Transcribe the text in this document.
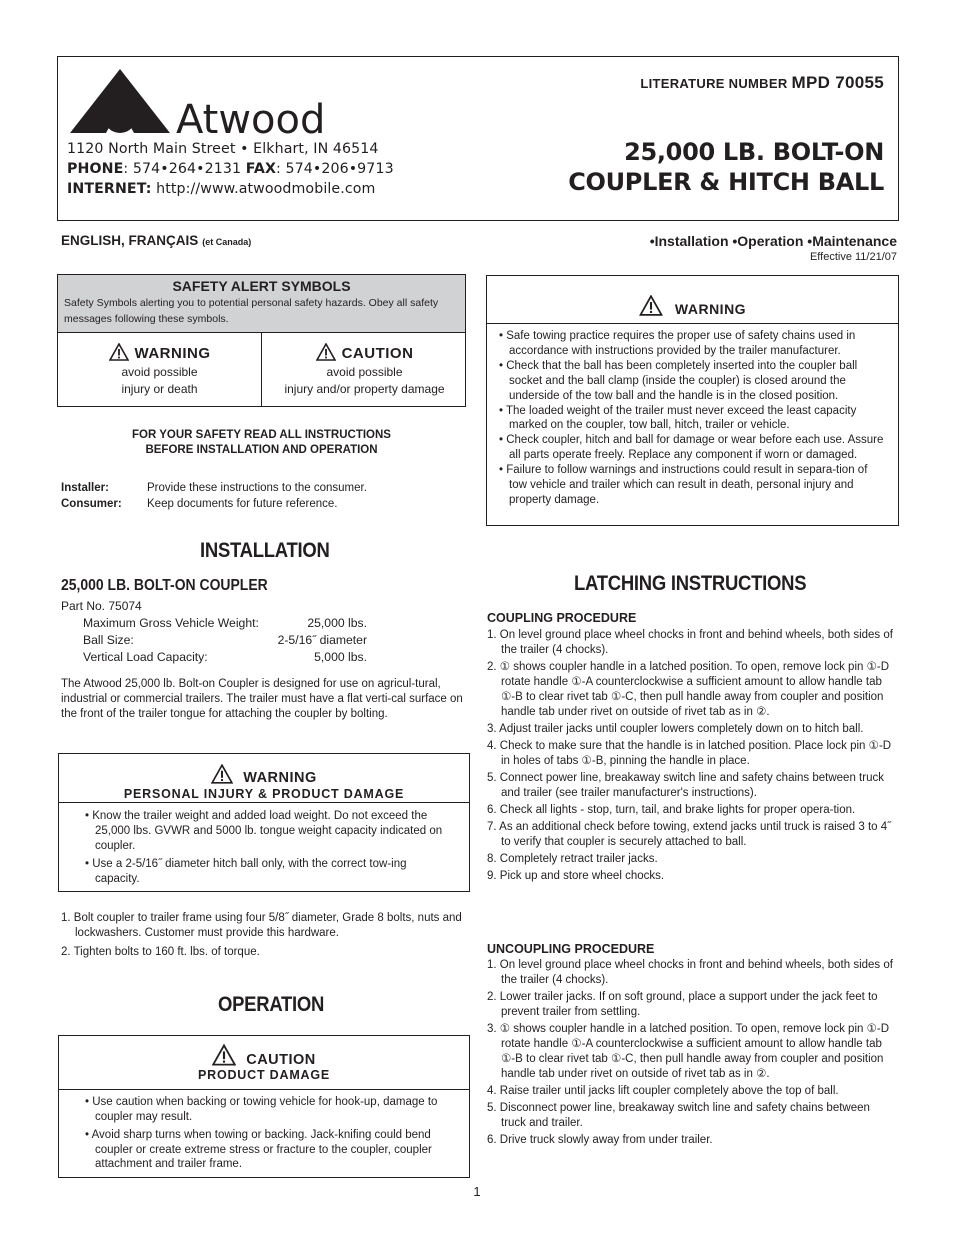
Atwood
1120 North Main Street • Elkhart, IN 46514
PHONE: 574•264•2131 FAX: 574•206•9713
INTERNET: http://www.atwoodmobile.com
LITERATURE NUMBER MPD 70055
25,000 LB. BOLT-ON
COUPLER & HITCH BALL
ENGLISH, FRANÇAIS (et Canada)	•Installation •Operation •Maintenance
Effective 11/21/07
SAFETY ALERT SYMBOLS
Safety Symbols alerting you to potential personal safety hazards. Obey all safety messages following these symbols.
WARNING
avoid possible
injury or death
CAUTION
avoid possible
injury and/or property damage
FOR YOUR SAFETY READ ALL INSTRUCTIONS
BEFORE INSTALLATION AND OPERATION
Installer:	Provide these instructions to the consumer.
Consumer: Keep documents for future reference.
WARNING
• Safe towing practice requires the proper use of safety chains used in accordance with instructions provided by the trailer manufacturer.
• Check that the ball has been completely inserted into the coupler ball socket and the ball clamp (inside the coupler) is closed around the underside of the tow ball and the handle is in the closed position.
• The loaded weight of the trailer must never exceed the least capacity marked on the coupler, tow ball, hitch, trailer or vehicle.
• Check coupler, hitch and ball for damage or wear before each use. Assure all parts operate freely. Replace any component if worn or damaged.
• Failure to follow warnings and instructions could result in separa-tion of tow vehicle and trailer which can result in death, personal injury and property damage.
INSTALLATION
25,000 LB. BOLT-ON COUPLER
Part No. 75074
Maximum Gross Vehicle Weight:	25,000 lbs.
Ball Size:	2-5/16˝ diameter
Vertical Load Capacity:	5,000 lbs.
The Atwood 25,000 lb. Bolt-on Coupler is designed for use on agricul-tural, industrial or commercial trailers. The trailer must have a flat verti-cal surface on the front of the trailer tongue for attaching the coupler by bolting.
WARNING
PERSONAL INJURY & PRODUCT DAMAGE
• Know the trailer weight and added load weight. Do not exceed the 25,000 lbs. GVWR and 5000 lb. tongue weight capacity indicated on coupler.
• Use a 2-5/16˝ diameter hitch ball only, with the correct tow-ing capacity.
1. Bolt coupler to trailer frame using four 5/8˝ diameter, Grade 8 bolts, nuts and lockwashers. Customer must provide this hardware.
2. Tighten bolts to 160 ft. lbs. of torque.
OPERATION
CAUTION
PRODUCT DAMAGE
• Use caution when backing or towing vehicle for hook-up, damage to coupler may result.
• Avoid sharp turns when towing or backing. Jack-knifing could bend coupler or create extreme stress or fracture to the coupler, coupler attachment and trailer frame.
LATCHING INSTRUCTIONS
COUPLING PROCEDURE
1. On level ground place wheel chocks in front and behind wheels, both sides of the trailer (4 chocks).
2. ① shows coupler handle in a latched position. To open, remove lock pin ①-D rotate handle ①-A counterclockwise a sufficient amount to allow handle tab ①-B to clear rivet tab ①-C, then pull handle away from coupler and position handle tab under rivet on outside of rivet tab as in ②.
3. Adjust trailer jacks until coupler lowers completely down on to hitch ball.
4. Check to make sure that the handle is in latched position. Place lock pin ①-D in holes of tabs ①-B, pinning the handle in place.
5. Connect power line, breakaway switch line and safety chains between truck and trailer (see trailer manufacturer's instructions).
6. Check all lights - stop, turn, tail, and brake lights for proper opera-tion.
7. As an additional check before towing, extend jacks until truck is raised 3 to 4˝ to verify that coupler is securely attached to ball.
8. Completely retract trailer jacks.
9. Pick up and store wheel chocks.
UNCOUPLING PROCEDURE
1. On level ground place wheel chocks in front and behind wheels, both sides of the trailer (4 chocks).
2. Lower trailer jacks. If on soft ground, place a support under the jack feet to prevent trailer from settling.
3. ① shows coupler handle in a latched position. To open, remove lock pin ①-D rotate handle ①-A counterclockwise a sufficient amount to allow handle tab ①-B to clear rivet tab ①-C, then pull handle away from coupler and position handle tab under rivet on outside of rivet tab as in ②.
4. Raise trailer until jacks lift coupler completely above the top of ball.
5. Disconnect power line, breakaway switch line and safety chains between truck and trailer.
6. Drive truck slowly away from under trailer.
1
